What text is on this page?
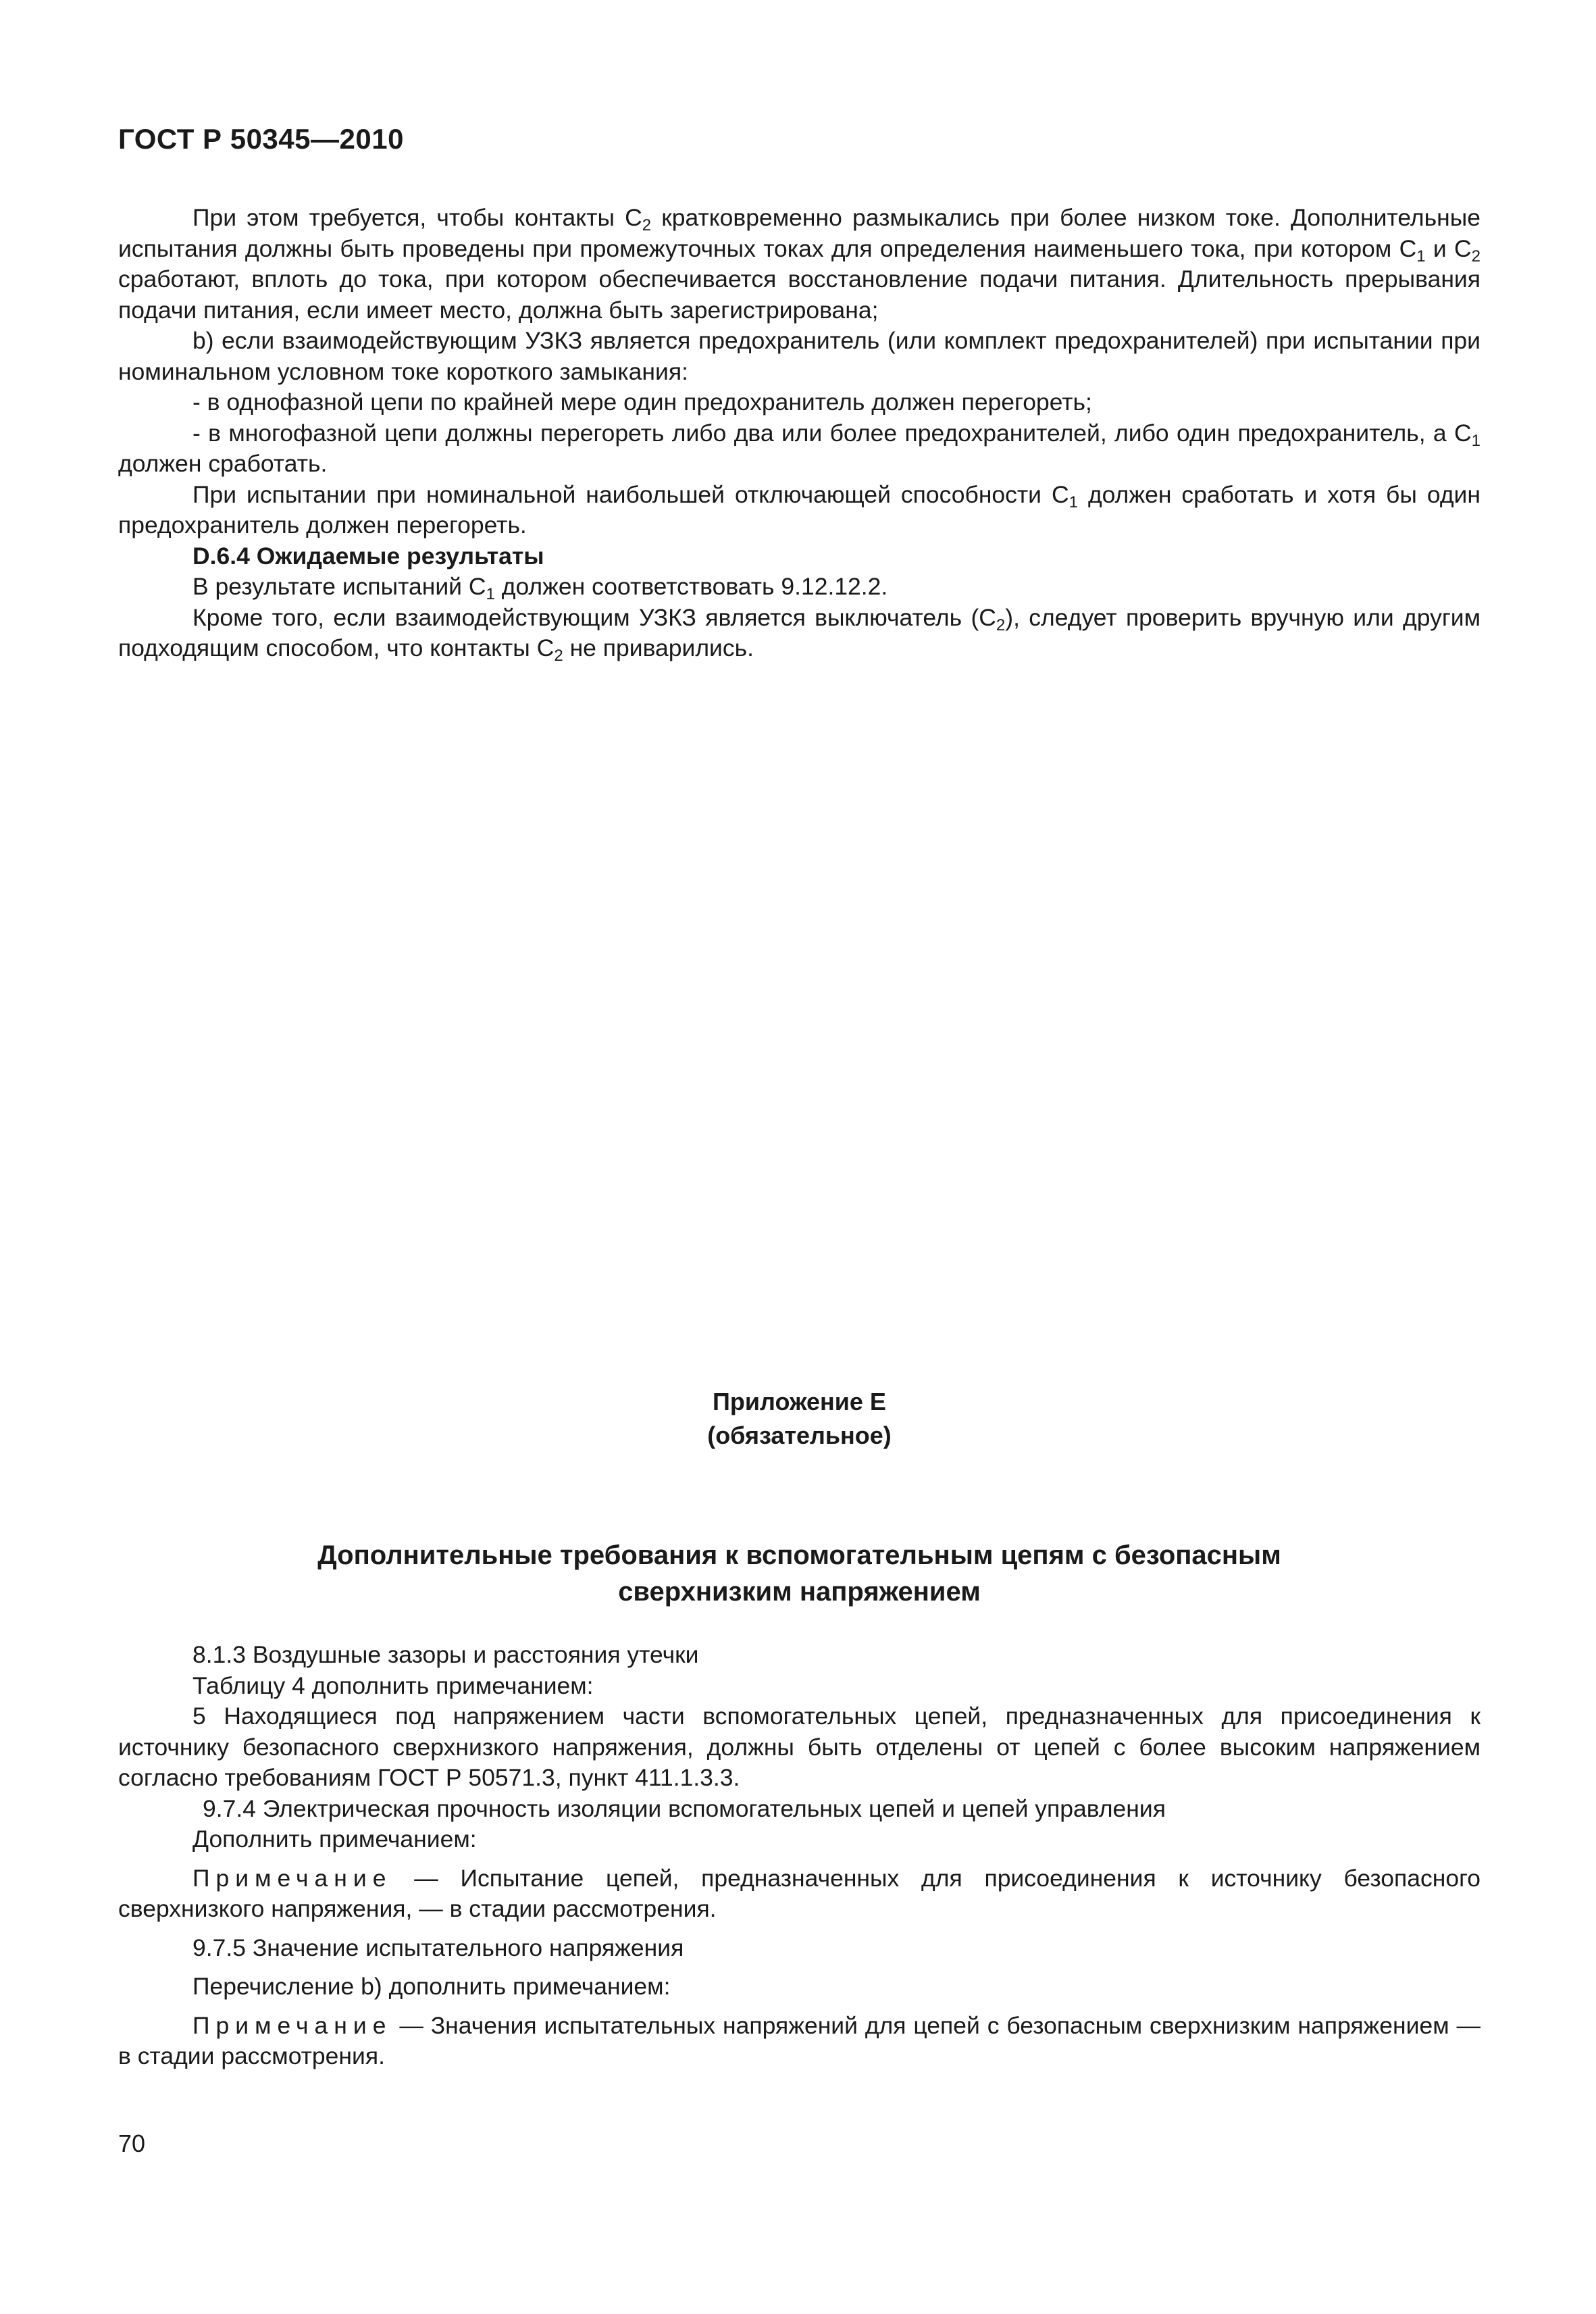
ГОСТ Р 50345—2010

При этом требуется, чтобы контакты $С_2$ кратковременно размыкались при более низком токе. Дополнительные испытания должны быть проведены при промежуточных токах для определения наименьшего тока, при котором $С_1$ и $С_2$ сработают, вплоть до тока, при котором обеспечивается восстановление подачи питания. Длительность прерывания подачи питания, если имеет место, должна быть зарегистрирована;

b) если взаимодействующим УЗКЗ является предохранитель (или комплект предохранителей) при испытании при номинальном условном токе короткого замыкания:

- в однофазной цепи по крайней мере один предохранитель должен перегореть;

- в многофазной цепи должны перегореть либо два или более предохранителей, либо один предохранитель, а $С_1$ должен сработать.

При испытании при номинальной наибольшей отключающей способности $С_1$ должен сработать и хотя бы один предохранитель должен перегореть.

D.6.4 Ожидаемые результаты

В результате испытаний $С_1$ должен соответствовать 9.12.12.2.

Кроме того, если взаимодействующим УЗКЗ является выключатель $(С_2)$, следует проверить вручную или другим подходящим способом, что контакты $С_2$ не приварились.

Приложение Е
(обязательное)
Дополнительные требования к вспомогательным цепям с безопасным
сверхнизким напряжением

8.1.3 Воздушные зазоры и расстояния утечки

Таблицу 4 дополнить примечанием:

5 Находящиеся под напряжением части вспомогательных цепей, предназначенных для присоединения к источнику безопасного сверхнизкого напряжения, должны быть отделены от цепей с более высоким напряжением согласно требованиям ГОСТ Р 50571.3, пункт 411.1.3.3.

9.7.4 Электрическая прочность изоляции вспомогательных цепей и цепей управления

Дополнить примечанием:

Примечание — Испытание цепей, предназначенных для присоединения к источнику безопасного сверхнизкого напряжения, — в стадии рассмотрения.

9.7.5 Значение испытательного напряжения

Перечисление b) дополнить примечанием:

Примечание — Значения испытательных напряжений для цепей с безопасным сверхнизким напряжением — в стадии рассмотрения.

70
